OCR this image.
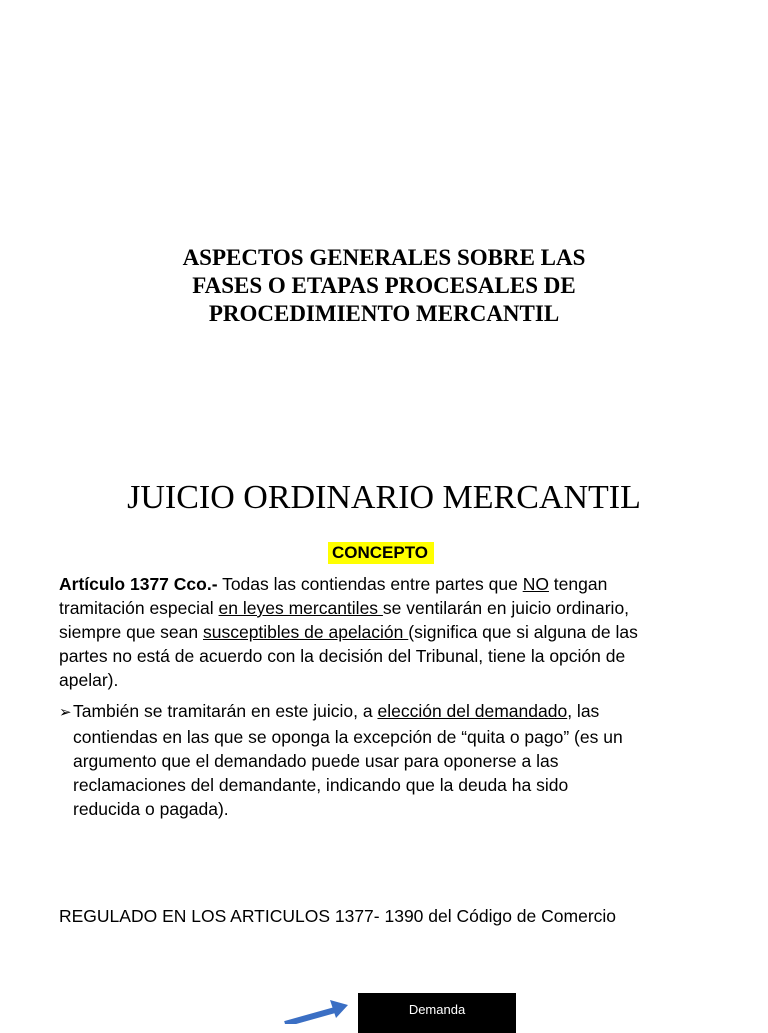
ASPECTOS GENERALES SOBRE LAS
FASES O ETAPAS PROCESALES DE
PROCEDIMIENTO MERCANTIL
JUICIO ORDINARIO MERCANTIL
CONCEPTO
Artículo 1377 Cco.- Todas las contiendas entre partes que NO tengan
tramitación especial en leyes mercantiles se ventilarán en juicio ordinario,
siempre que sean susceptibles de apelación (significa que si alguna de las
partes no está de acuerdo con la decisión del Tribunal, tiene la opción de
apelar).
➢También se tramitarán en este juicio, a elección del demandado, las
contiendas en las que se oponga la excepción de “quita o pago” (es un
argumento que el demandado puede usar para oponerse a las
reclamaciones del demandante, indicando que la deuda ha sido
reducida o pagada).
REGULADO EN LOS ARTICULOS 1377- 1390 del Código de Comercio
Demanda
